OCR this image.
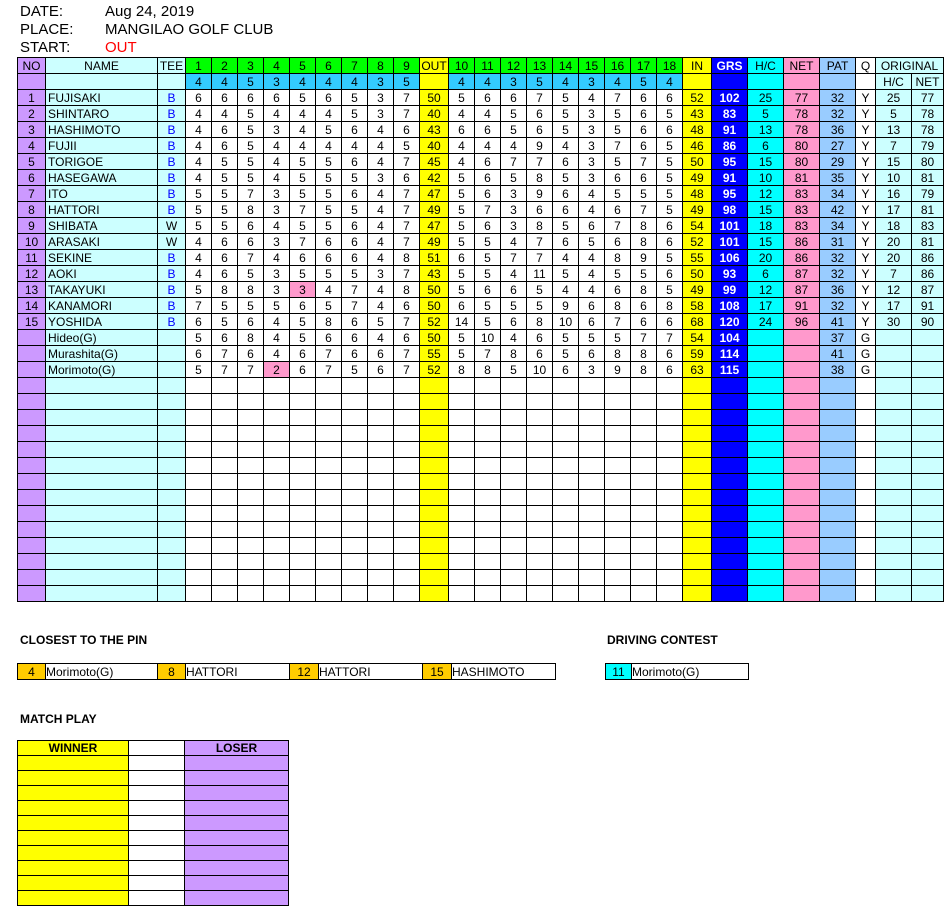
DATE:	Aug 24, 2019
PLACE: MANGILAO GOLF CLUB
START: OUT
NO	NAME	TEE	1	2	3	4	5	6	7	8	9	OUT	10	11	12	13	14	15	16	17	18	IN	GRS	H/C	NET	PAT	Q	ORIGINAL	
			4	4	5	3	4	4	4	3	5		4	4	3	5	4	3	4	5	4							H/C	NET
1	FUJISAKI	B	6	6	6	6	5	6	5	3	7	50	5	6	6	7	5	4	7	6	6	52	102	25	77	32	Y	25	77
2	SHINTARO	B	4	4	5	4	4	4	5	3	7	40	4	4	5	6	5	3	5	6	5	43	83	5	78	32	Y	5	78
3	HASHIMOTO	B	4	6	5	3	4	5	6	4	6	43	6	6	5	6	5	3	5	6	6	48	91	13	78	36	Y	13	78
4	FUJII	B	4	6	5	4	4	4	4	4	5	40	4	4	4	9	4	3	7	6	5	46	86	6	80	27	Y	7	79
5	TORIGOE	B	4	5	5	4	5	5	6	4	7	45	4	6	7	7	6	3	5	7	5	50	95	15	80	29	Y	15	80
6	HASEGAWA	B	4	5	5	4	5	5	5	3	6	42	5	6	5	8	5	3	6	6	5	49	91	10	81	35	Y	10	81
7	ITO	B	5	5	7	3	5	5	6	4	7	47	5	6	3	9	6	4	5	5	5	48	95	12	83	34	Y	16	79
8	HATTORI	B	5	5	8	3	7	5	5	4	7	49	5	7	3	6	6	4	6	7	5	49	98	15	83	42	Y	17	81
9	SHIBATA	W	5	5	6	4	5	5	6	4	7	47	5	6	3	8	5	6	7	8	6	54	101	18	83	34	Y	18	83
10	ARASAKI	W	4	6	6	3	7	6	6	4	7	49	5	5	4	7	6	5	6	8	6	52	101	15	86	31	Y	20	81
11	SEKINE	B	4	6	7	4	6	6	6	4	8	51	6	5	7	7	4	4	8	9	5	55	106	20	86	32	Y	20	86
12	AOKI	B	4	6	5	3	5	5	5	3	7	43	5	5	4	11	5	4	5	5	6	50	93	6	87	32	Y	7	86
13	TAKAYUKI	B	5	8	8	3	3	4	7	4	8	50	5	6	6	5	4	4	6	8	5	49	99	12	87	36	Y	12	87
14	KANAMORI	B	7	5	5	5	6	5	7	4	6	50	6	5	5	5	9	6	8	6	8	58	108	17	91	32	Y	17	91
15	YOSHIDA	B	6	5	6	4	5	8	6	5	7	52	14	5	6	8	10	6	7	6	6	68	120	24	96	41	Y	30	90
	Hideo(G)		5	6	8	4	5	6	6	4	6	50	5	10	4	6	5	5	5	7	7	54	104			37	G		
	Murashita(G)		6	7	6	4	6	7	6	6	7	55	5	7	8	6	5	6	8	8	6	59	114			41	G		
	Morimoto(G)		5	7	7	2	6	7	5	6	7	52	8	8	5	10	6	3	9	8	6	63	115			38	G		

CLOSEST TO THE PIN
4	Morimoto(G)	8	HATTORI	12	HATTORI	15	HASHIMOTO
DRIVING CONTEST
11	Morimoto(G)
MATCH PLAY
WINNER		LOSER
